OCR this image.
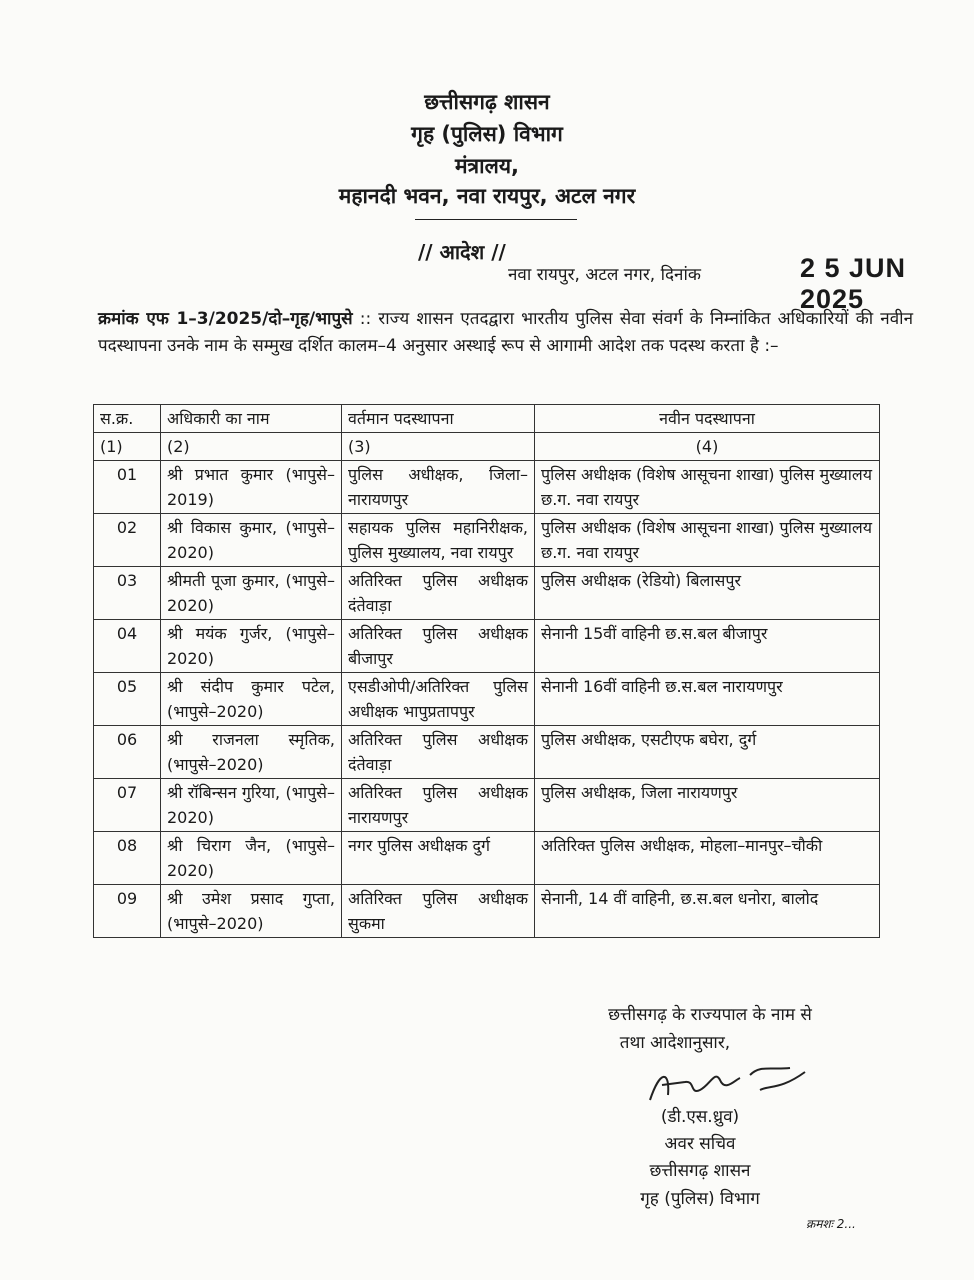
छत्तीसगढ़ शासन
गृह (पुलिस) विभाग
मंत्रालय,
महानदी भवन, नवा रायपुर, अटल नगर
// आदेश //
नवा रायपुर, अटल नगर, दिनांक	2 5 JUN 2025
क्रमांक एफ 1–3/2025/दो–गृह/भापुसे :: राज्य शासन एतदद्वारा भारतीय पुलिस सेवा संवर्ग के निम्नांकित अधिकारियों की नवीन पदस्थापना उनके नाम के सम्मुख दर्शित कालम–4 अनुसार अस्थाई रूप से आगामी आदेश तक पदस्थ करता है :–
स.क्र.	अधिकारी का नाम	वर्तमान पदस्थापना	नवीन पदस्थापना
(1)	(2)	(3)	(4)
01	श्री प्रभात कुमार (भापुसे–2019)	पुलिस अधीक्षक, जिला–नारायणपुर	पुलिस अधीक्षक (विशेष आसूचना शाखा) पुलिस मुख्यालय छ.ग. नवा रायपुर
02	श्री विकास कुमार, (भापुसे– 2020)	सहायक पुलिस महानिरीक्षक, पुलिस मुख्यालय, नवा रायपुर	पुलिस अधीक्षक (विशेष आसूचना शाखा) पुलिस मुख्यालय छ.ग. नवा रायपुर
03	श्रीमती पूजा कुमार, (भापुसे–2020)	अतिरिक्त पुलिस अधीक्षक दंतेवाड़ा	पुलिस अधीक्षक (रेडियो) बिलासपुर
04	श्री मयंक गुर्जर, (भापुसे– 2020)	अतिरिक्त पुलिस अधीक्षक बीजापुर	सेनानी 15वीं वाहिनी छ.स.बल बीजापुर
05	श्री संदीप कुमार पटेल, (भापुसे–2020)	एसडीओपी/अतिरिक्त पुलिस अधीक्षक भापुप्रतापपुर	सेनानी 16वीं वाहिनी छ.स.बल नारायणपुर
06	श्री राजनला स्मृतिक, (भापुसे–2020)	अतिरिक्त पुलिस अधीक्षक दंतेवाड़ा	पुलिस अधीक्षक, एसटीएफ बघेरा, दुर्ग
07	श्री रॉबिन्सन गुरिया, (भापुसे–2020)	अतिरिक्त पुलिस अधीक्षक नारायणपुर	पुलिस अधीक्षक, जिला नारायणपुर
08	श्री चिराग जैन, (भापुसे– 2020)	नगर पुलिस अधीक्षक दुर्ग	अतिरिक्त पुलिस अधीक्षक, मोहला–मानपुर–चौकी
09	श्री उमेश प्रसाद गुप्ता, (भापुसे–2020)	अतिरिक्त पुलिस अधीक्षक सुकमा	सेनानी, 14 वीं वाहिनी, छ.स.बल धनोरा, बालोद
छत्तीसगढ़ के राज्यपाल के नाम से
तथा आदेशानुसार,
(डी.एस.ध्रुव)
अवर सचिव
छत्तीसगढ़ शासन
गृह (पुलिस) विभाग
क्रमशः 2...
